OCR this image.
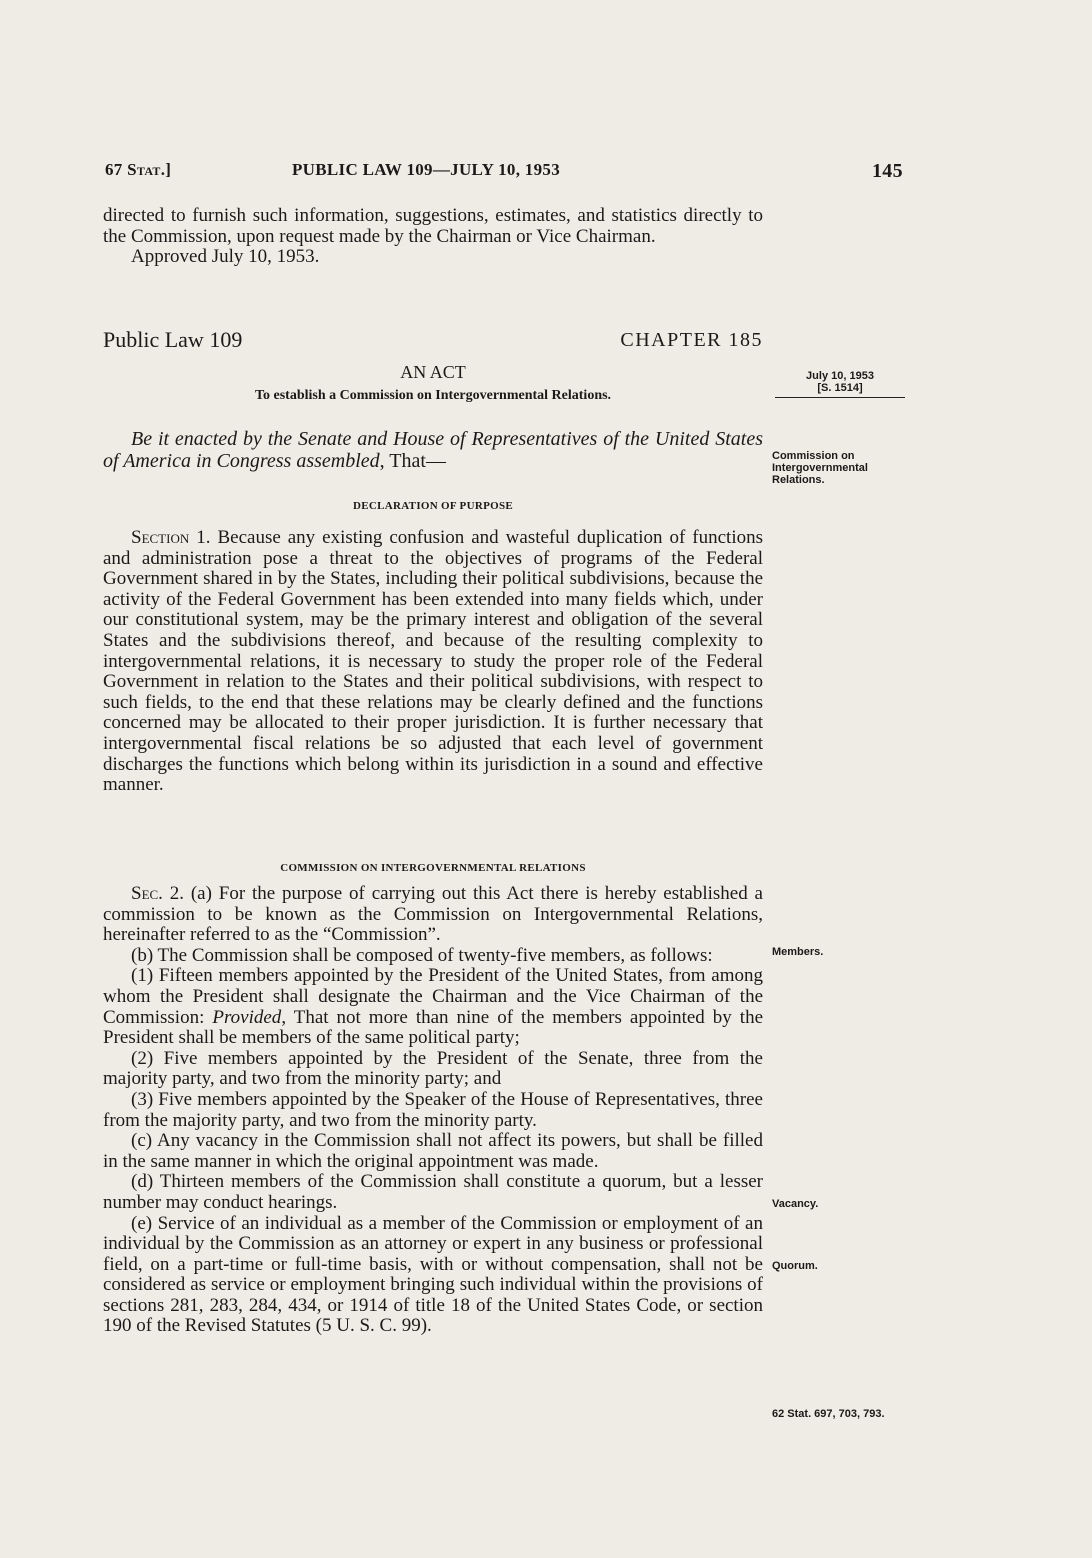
67 Stat.]	PUBLIC LAW 109—JULY 10, 1953	145

directed to furnish such information, suggestions, estimates, and statistics directly to the Commission, upon request made by the Chairman or Vice Chairman.

Approved July 10, 1953.

Public Law 109	CHAPTER 185
AN ACT
To establish a Commission on Intergovernmental Relations.
Be it enacted by the Senate and House of Representatives of the United States of America in Congress assembled, That—
DECLARATION OF PURPOSE
Section 1. Because any existing confusion and wasteful duplication of functions and administration pose a threat to the objectives of programs of the Federal Government shared in by the States, including their political subdivisions, because the activity of the Federal Government has been extended into many fields which, under our constitutional system, may be the primary interest and obligation of the several States and the subdivisions thereof, and because of the resulting complexity to intergovernmental relations, it is necessary to study the proper role of the Federal Government in relation to the States and their political subdivisions, with respect to such fields, to the end that these relations may be clearly defined and the functions concerned may be allocated to their proper jurisdiction. It is further necessary that intergovernmental fiscal relations be so adjusted that each level of government discharges the functions which belong within its jurisdiction in a sound and effective manner.
COMMISSION ON INTERGOVERNMENTAL RELATIONS

Sec. 2. (a) For the purpose of carrying out this Act there is hereby established a commission to be known as the Commission on Intergovernmental Relations, hereinafter referred to as the “Commission”.

(b) The Commission shall be composed of twenty-five members, as follows:

(1) Fifteen members appointed by the President of the United States, from among whom the President shall designate the Chairman and the Vice Chairman of the Commission: Provided, That not more than nine of the members appointed by the President shall be members of the same political party;

(2) Five members appointed by the President of the Senate, three from the majority party, and two from the minority party; and

(3) Five members appointed by the Speaker of the House of Representatives, three from the majority party, and two from the minority party.

(c) Any vacancy in the Commission shall not affect its powers, but shall be filled in the same manner in which the original appointment was made.

(d) Thirteen members of the Commission shall constitute a quorum, but a lesser number may conduct hearings.

(e) Service of an individual as a member of the Commission or employment of an individual by the Commission as an attorney or expert in any business or professional field, on a part-time or full-time basis, with or without compensation, shall not be considered as service or employment bringing such individual within the provisions of sections 281, 283, 284, 434, or 1914 of title 18 of the United States Code, or section 190 of the Revised Statutes (5 U. S. C. 99).

July 10, 1953
[S. 1514]
Commission on Intergovernmental Relations.
Members.
Vacancy.
Quorum.
62 Stat. 697, 703, 793.
